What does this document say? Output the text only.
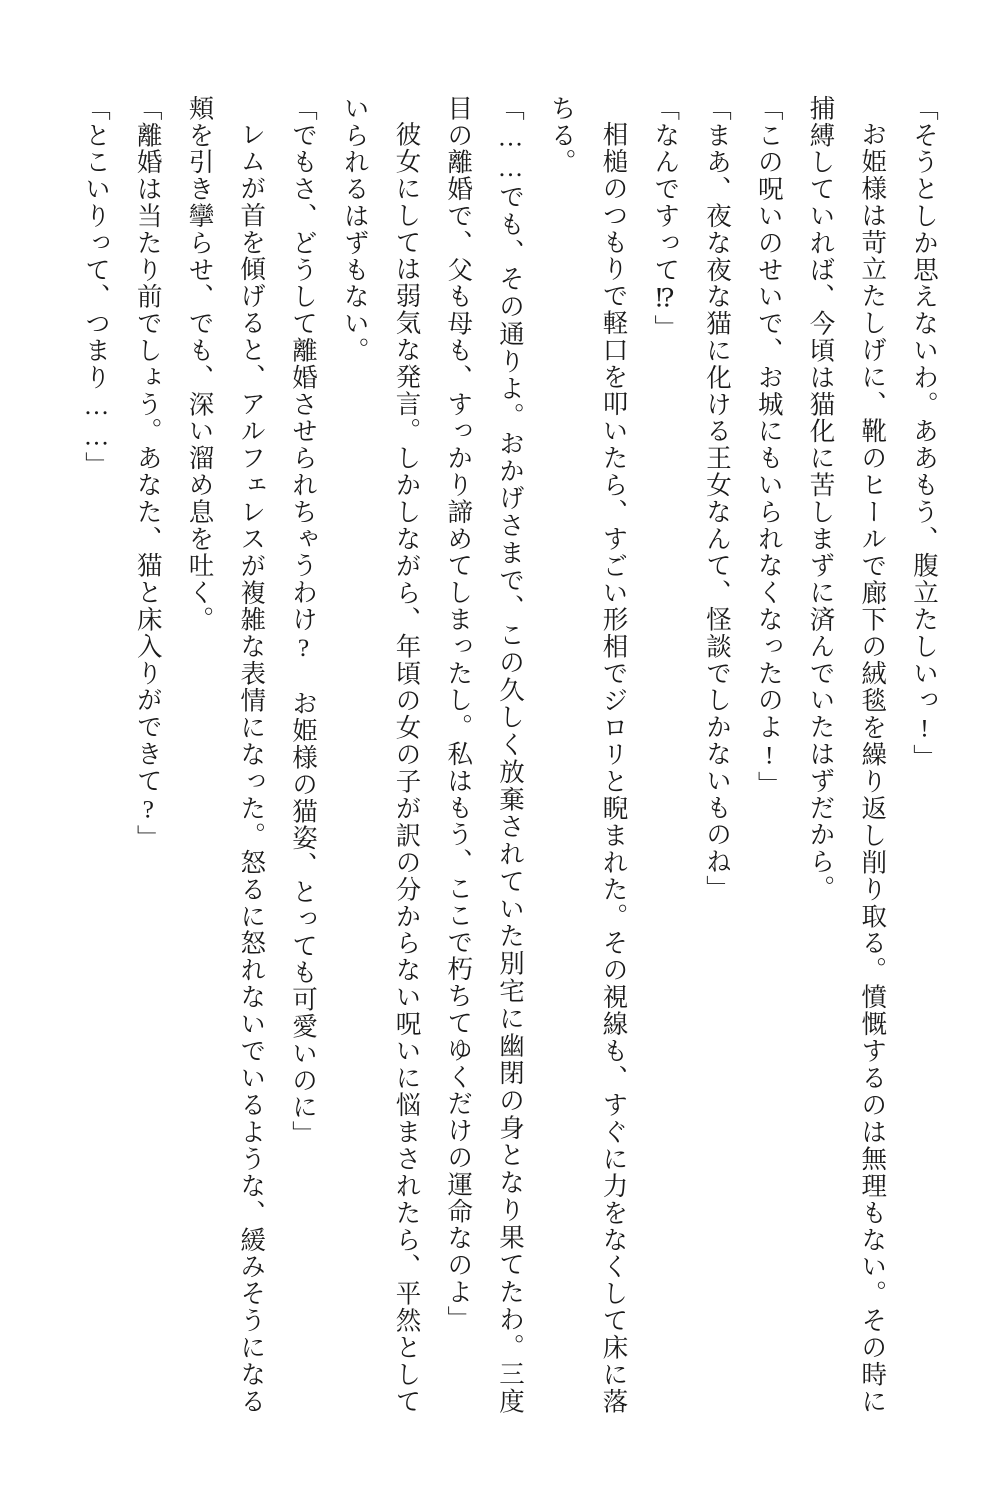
「そうとしか思えないわ。ああもう、腹立たしいっ!」

お姫様は苛立たしげに、靴のヒールで廊下の絨毯を繰り返し削り取る。憤慨するのは無理もない。その時に捕縛していれば、今頃は猫化に苦しまずに済んでいたはずだから。

「この呪いのせいで、お城にもいられなくなったのよ!」

「まあ、夜な夜な猫に化ける王女なんて、怪談でしかないものね」

「なんですって⁉」

相槌のつもりで軽口を叩いたら、すごい形相でジロリと睨まれた。その視線も、すぐに力をなくして床に落ちる。

「……でも、その通りよ。おかげさまで、この久しく放棄されていた別宅に幽閉の身となり果てたわ。三度目の離婚で、父も母も、すっかり諦めてしまったし。私はもう、ここで朽ちてゆくだけの運命なのよ」

彼女にしては弱気な発言。しかしながら、年頃の女の子が訳の分からない呪いに悩まされたら、平然としていられるはずもない。

「でもさ、どうして離婚させられちゃうわけ?　お姫様の猫姿、とっても可愛いのに」

レムが首を傾げると、アルフェレスが複雑な表情になった。怒るに怒れないでいるような、緩みそうになる頬を引き攣らせ、でも、深い溜め息を吐く。

「離婚は当たり前でしょう。あなた、猫と床入りができて?」

「とこいりって、つまり……」
